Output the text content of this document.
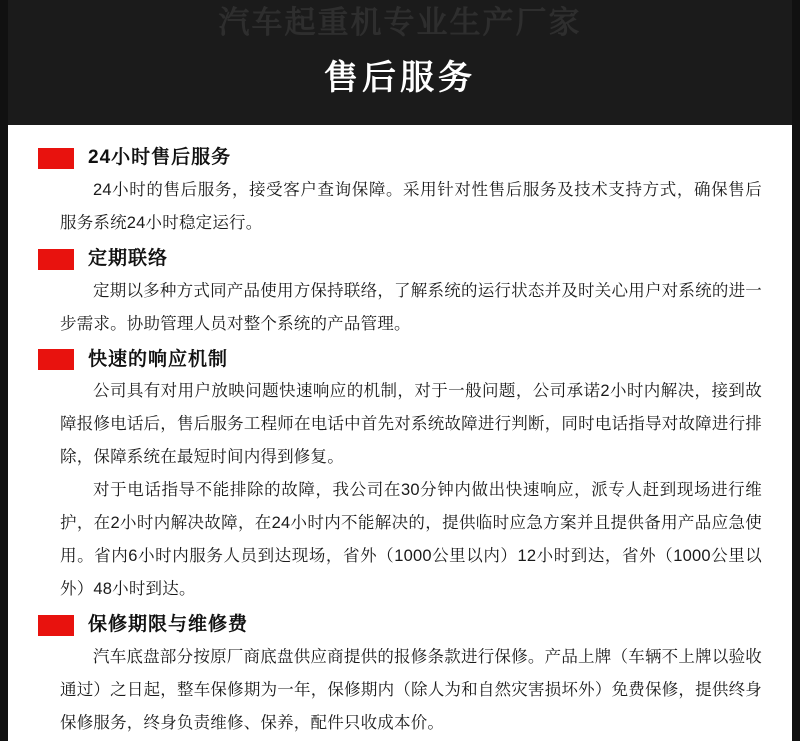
汽车起重机专业生产厂家
售后服务
24小时售后服务

24小时的售后服务，接受客户查询保障。采用针对性售后服务及技术支持方式，确保售后服务系统24小时稳定运行。

定期联络

定期以多种方式同产品使用方保持联络，了解系统的运行状态并及时关心用户对系统的进一步需求。协助管理人员对整个系统的产品管理。

快速的响应机制

公司具有对用户放映问题快速响应的机制，对于一般问题，公司承诺2小时内解决，接到故障报修电话后，售后服务工程师在电话中首先对系统故障进行判断，同时电话指导对故障进行排除，保障系统在最短时间内得到修复。

对于电话指导不能排除的故障，我公司在30分钟内做出快速响应，派专人赶到现场进行维护，在2小时内解决故障，在24小时内不能解决的，提供临时应急方案并且提供备用产品应急使用。省内6小时内服务人员到达现场，省外（1000公里以内）12小时到达，省外（1000公里以外）48小时到达。

保修期限与维修费

汽车底盘部分按原厂商底盘供应商提供的报修条款进行保修。产品上牌（车辆不上牌以验收通过）之日起，整车保修期为一年，保修期内（除人为和自然灾害损坏外）免费保修，提供终身保修服务，终身负责维修、保养，配件只收成本价。
